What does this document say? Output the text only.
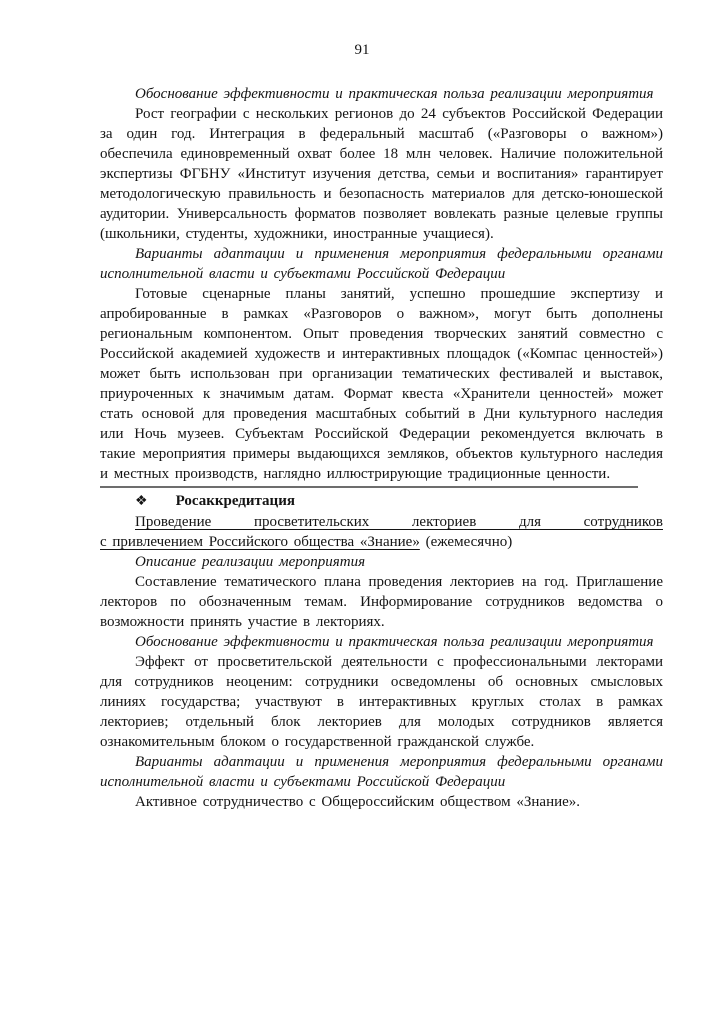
91

Обоснование эффективности и практическая польза реализации мероприятия

Рост географии с нескольких регионов до 24 субъектов Российской Федерации за один год. Интеграция в федеральный масштаб («Разговоры о важном») обеспечила единовременный охват более 18 млн человек. Наличие положительной экспертизы ФГБНУ «Институт изучения детства, семьи и воспитания» гарантирует методологическую правильность и безопасность материалов для детско-юношеской аудитории. Универсальность форматов позволяет вовлекать разные целевые группы (школьники, студенты, художники, иностранные учащиеся).

Варианты адаптации и применения мероприятия федеральными органами исполнительной власти и субъектами Российской Федерации

Готовые сценарные планы занятий, успешно прошедшие экспертизу и апробированные в рамках «Разговоров о важном», могут быть дополнены региональным компонентом. Опыт проведения творческих занятий совместно с Российской академией художеств и интерактивных площадок («Компас ценностей») может быть использован при организации тематических фестивалей и выставок, приуроченных к значимым датам. Формат квеста «Хранители ценностей» может стать основой для проведения масштабных событий в Дни культурного наследия или Ночь музеев. Субъектам Российской Федерации рекомендуется включать в такие мероприятия примеры выдающихся земляков, объектов культурного наследия и местных производств, наглядно иллюстрирующие традиционные ценности.

❖ Росаккредитация

Проведение просветительских лекториев для сотрудников

с привлечением Российского общества «Знание» (ежемесячно)

Описание реализации мероприятия

Составление тематического плана проведения лекториев на год. Приглашение лекторов по обозначенным темам. Информирование сотрудников ведомства о возможности принять участие в лекториях.

Обоснование эффективности и практическая польза реализации мероприятия

Эффект от просветительской деятельности с профессиональными лекторами для сотрудников неоценим: сотрудники осведомлены об основных смысловых линиях государства; участвуют в интерактивных круглых столах в рамках лекториев; отдельный блок лекториев для молодых сотрудников является ознакомительным блоком о государственной гражданской службе.

Варианты адаптации и применения мероприятия федеральными органами исполнительной власти и субъектами Российской Федерации

Активное сотрудничество с Общероссийским обществом «Знание».
